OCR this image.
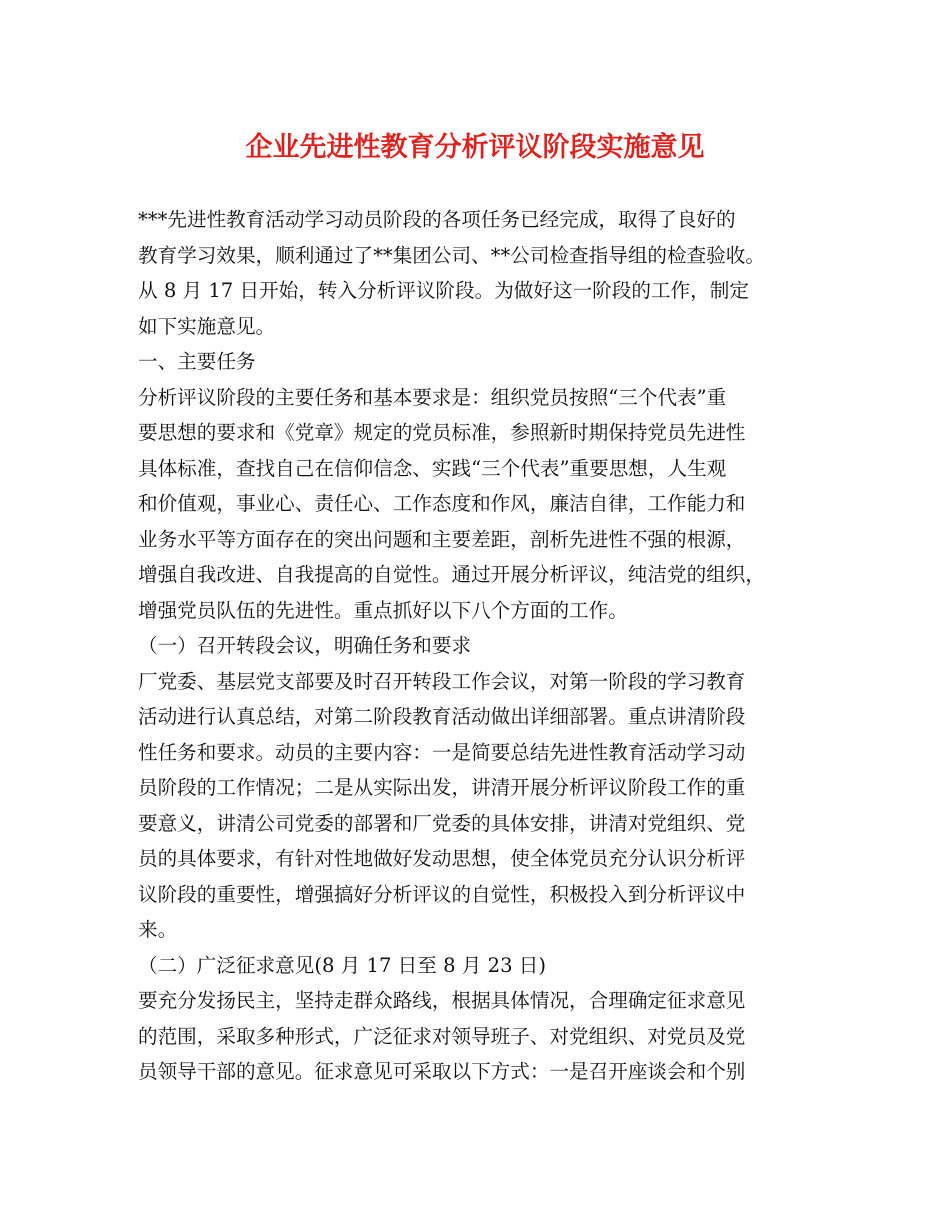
企业先进性教育分析评议阶段实施意见
***先进性教育活动学习动员阶段的各项任务已经完成，取得了良好的
教育学习效果，顺利通过了**集团公司、**公司检查指导组的检查验收。
从 8 月 17 日开始，转入分析评议阶段。为做好这一阶段的工作，制定
如下实施意见。
一、主要任务
分析评议阶段的主要任务和基本要求是：组织党员按照“三个代表”重
要思想的要求和《党章》规定的党员标准，参照新时期保持党员先进性
具体标准，查找自己在信仰信念、实践“三个代表”重要思想，人生观
和价值观，事业心、责任心、工作态度和作风，廉洁自律，工作能力和
业务水平等方面存在的突出问题和主要差距，剖析先进性不强的根源，
增强自我改进、自我提高的自觉性。通过开展分析评议，纯洁党的组织，
增强党员队伍的先进性。重点抓好以下八个方面的工作。
（一）召开转段会议，明确任务和要求
厂党委、基层党支部要及时召开转段工作会议，对第一阶段的学习教育
活动进行认真总结，对第二阶段教育活动做出详细部署。重点讲清阶段
性任务和要求。动员的主要内容：一是简要总结先进性教育活动学习动
员阶段的工作情况；二是从实际出发，讲清开展分析评议阶段工作的重
要意义，讲清公司党委的部署和厂党委的具体安排，讲清对党组织、党
员的具体要求，有针对性地做好发动思想，使全体党员充分认识分析评
议阶段的重要性，增强搞好分析评议的自觉性，积极投入到分析评议中
来。
（二）广泛征求意见(8 月 17 日至 8 月 23 日)
要充分发扬民主，坚持走群众路线，根据具体情况，合理确定征求意见
的范围，采取多种形式，广泛征求对领导班子、对党组织、对党员及党
员领导干部的意见。征求意见可采取以下方式：一是召开座谈会和个别
